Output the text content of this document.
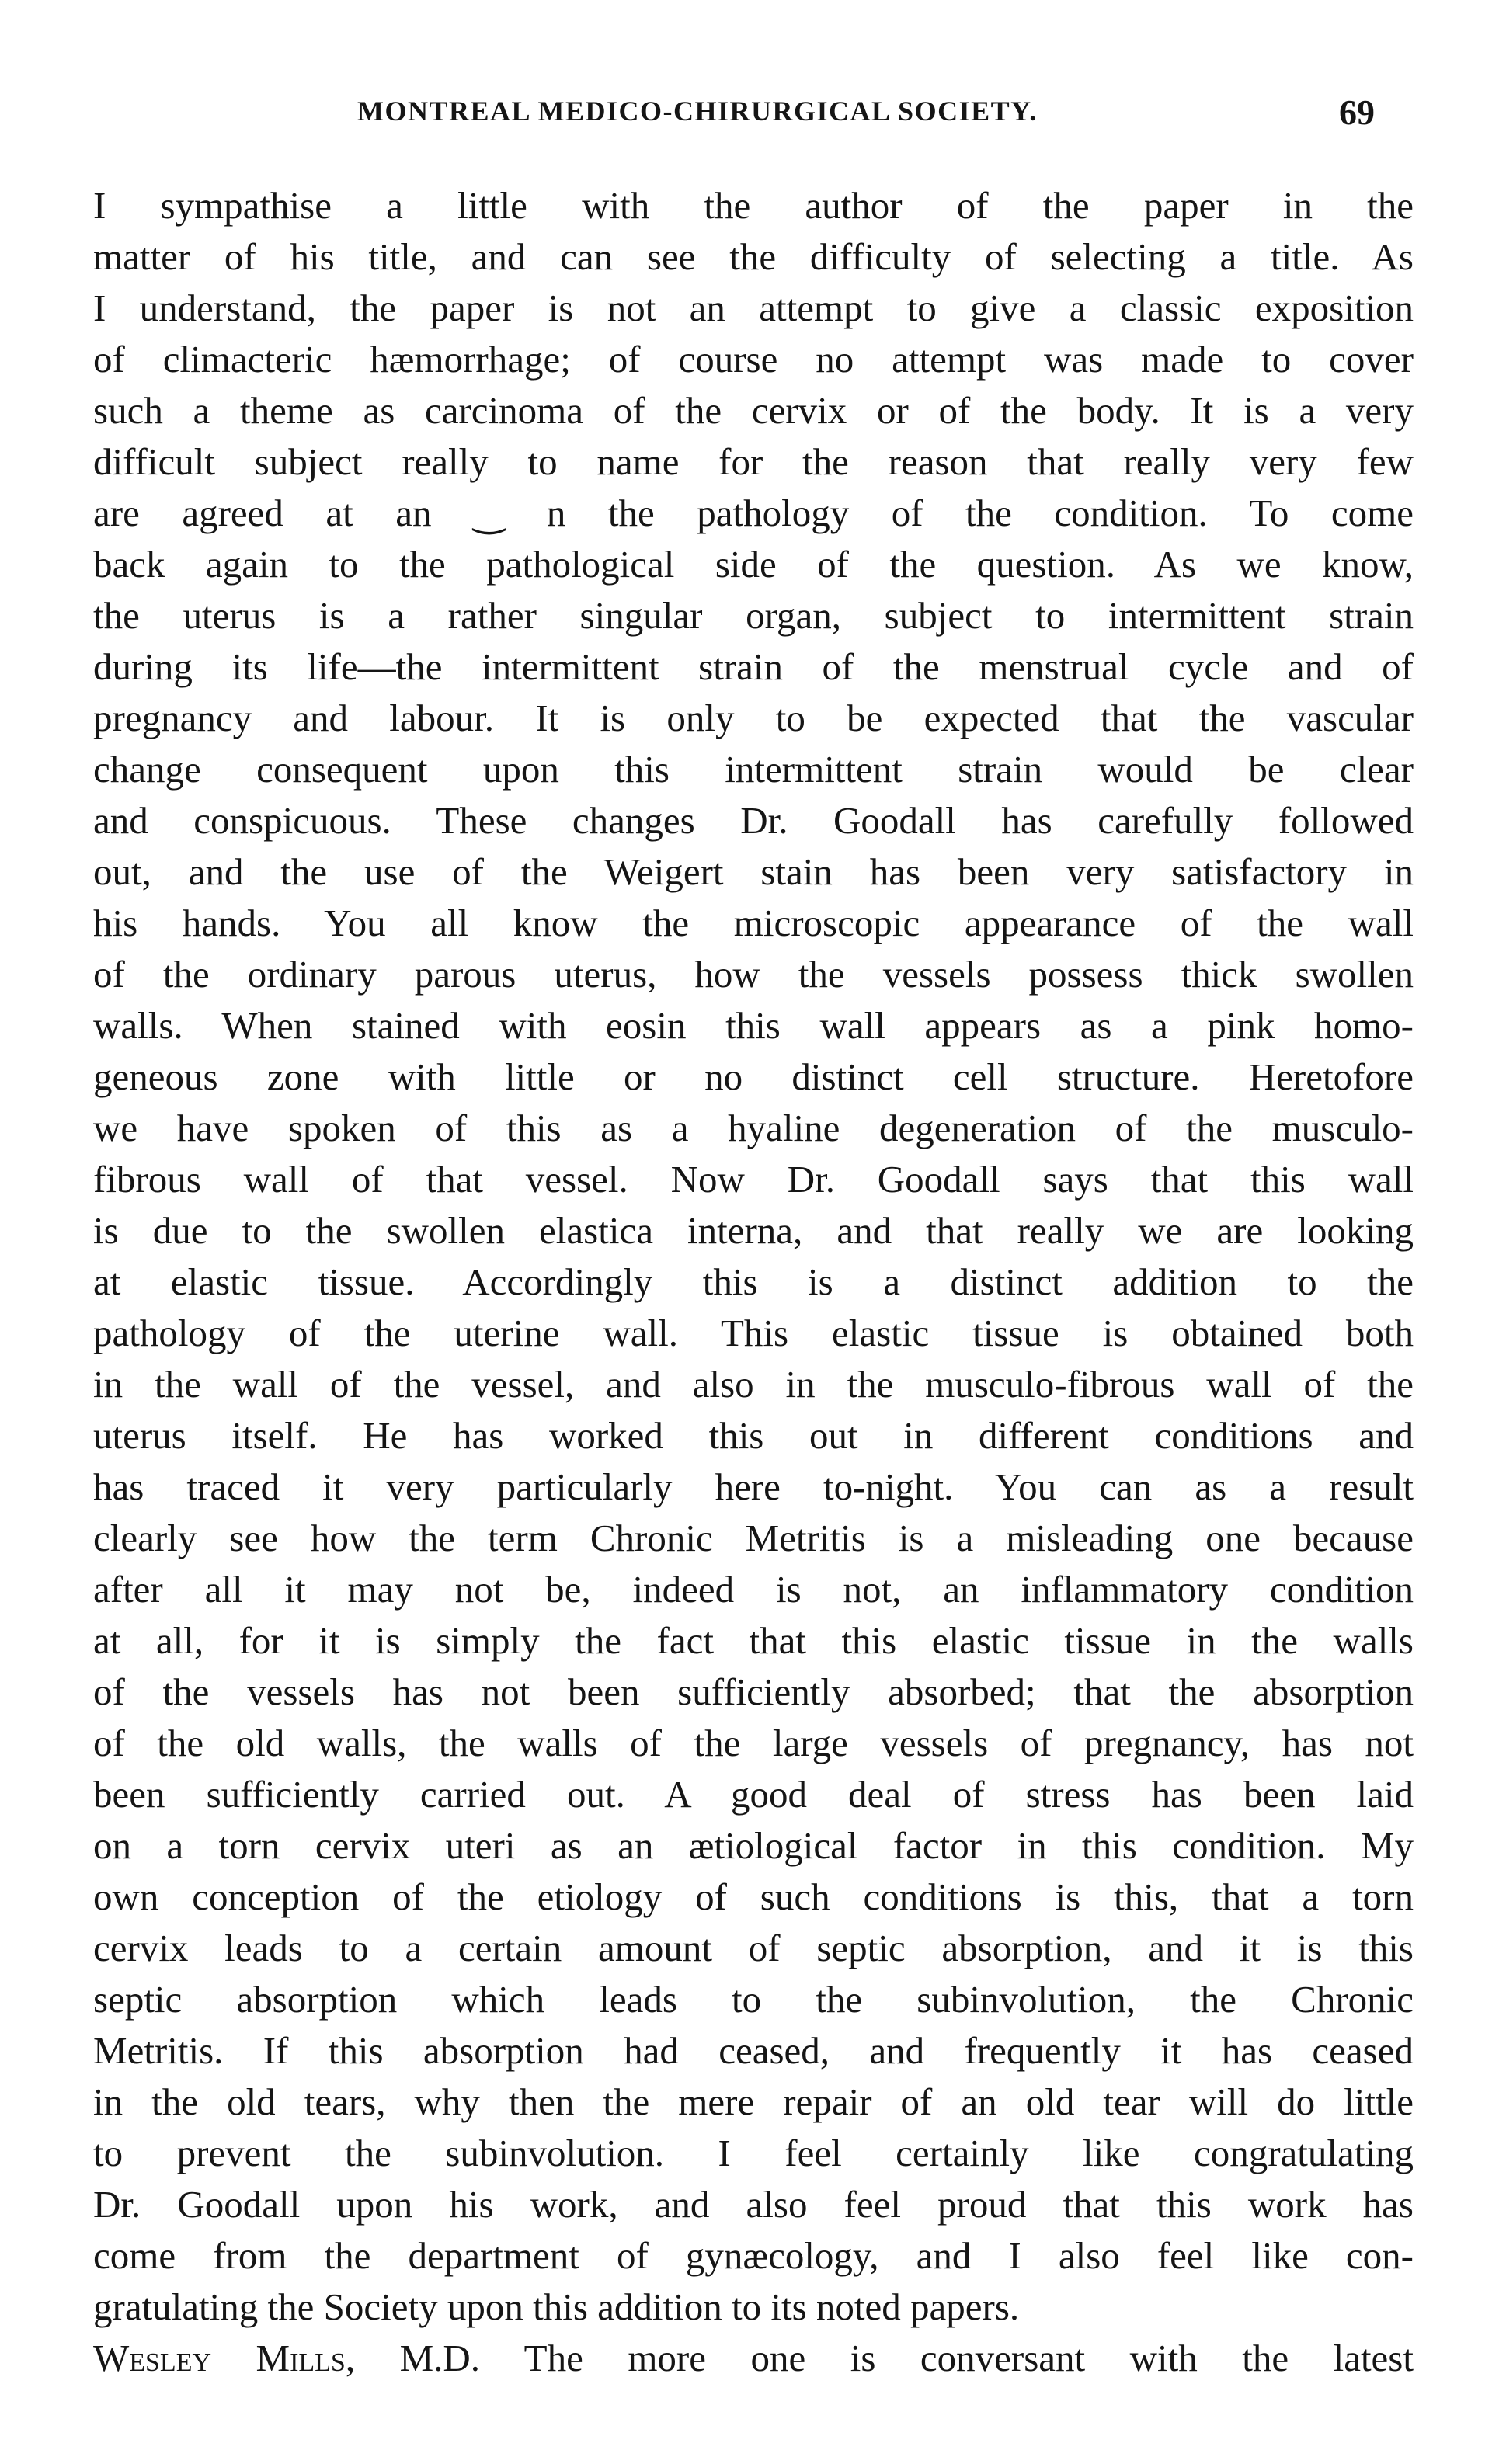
MONTREAL MEDICO-CHIRURGICAL SOCIETY.	69
I sympathise a little with the author of the paper in the
matter of his title, and can see the difficulty of selecting a title. As
I understand, the paper is not an attempt to give a classic exposition
of climacteric hæmorrhage; of course no attempt was made to cover
such a theme as carcinoma of the cervix or of the body. It is a very
difficult subject really to name for the reason that really very few
are agreed at an ‿ n the pathology of the condition. To come
back again to the pathological side of the question. As we know,
the uterus is a rather singular organ, subject to intermittent strain
during its life—the intermittent strain of the menstrual cycle and of
pregnancy and labour. It is only to be expected that the vascular
change consequent upon this intermittent strain would be clear
and conspicuous. These changes Dr. Goodall has carefully followed
out, and the use of the Weigert stain has been very satisfactory in
his hands. You all know the microscopic appearance of the wall
of the ordinary parous uterus, how the vessels possess thick swollen
walls. When stained with eosin this wall appears as a pink homo-
geneous zone with little or no distinct cell structure. Heretofore
we have spoken of this as a hyaline degeneration of the musculo-
fibrous wall of that vessel. Now Dr. Goodall says that this wall
is due to the swollen elastica interna, and that really we are looking
at elastic tissue. Accordingly this is a distinct addition to the
pathology of the uterine wall. This elastic tissue is obtained both
in the wall of the vessel, and also in the musculo-fibrous wall of the
uterus itself. He has worked this out in different conditions and
has traced it very particularly here to-night. You can as a result
clearly see how the term Chronic Metritis is a misleading one because
after all it may not be, indeed is not, an inflammatory condition
at all, for it is simply the fact that this elastic tissue in the walls
of the vessels has not been sufficiently absorbed; that the absorption
of the old walls, the walls of the large vessels of pregnancy, has not
been sufficiently carried out. A good deal of stress has been laid
on a torn cervix uteri as an ætiological factor in this condition. My
own conception of the etiology of such conditions is this, that a torn
cervix leads to a certain amount of septic absorption, and it is this
septic absorption which leads to the subinvolution, the Chronic
Metritis. If this absorption had ceased, and frequently it has ceased
in the old tears, why then the mere repair of an old tear will do little
to prevent the subinvolution. I feel certainly like congratulating
Dr. Goodall upon his work, and also feel proud that this work has
come from the department of gynæcology, and I also feel like con-
gratulating the Society upon this addition to its noted papers.
Wesley Mills, M.D. The more one is conversant with the latest
